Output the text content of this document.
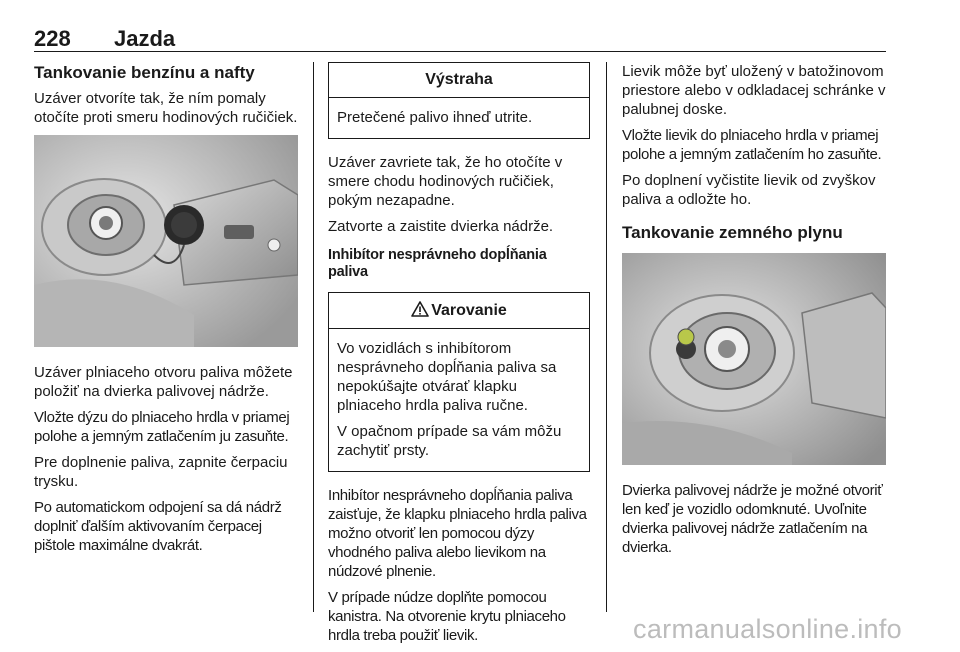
228 Jazda
Tankovanie benzínu a nafty

Uzáver otvoríte tak, že ním pomaly otočíte proti smeru hodinových ručičiek.

Uzáver plniaceho otvoru paliva môžete položiť na dvierka palivovej nádrže.

Vložte dýzu do plniaceho hrdla v priamej polohe a jemným zatlačením ju zasuňte.

Pre doplnenie paliva, zapnite čerpaciu trysku.

Po automatickom odpojení sa dá nádrž doplniť ďalším aktivovaním čerpacej pištole maximálne dvakrát.

Výstraha

Pretečené palivo ihneď utrite.

Uzáver zavriete tak, že ho otočíte v smere chodu hodinových ručičiek, pokým nezapadne.

Zatvorte a zaistite dvierka nádrže.

Inhibítor nesprávneho dopĺňania paliva
Varovanie

Vo vozidlách s inhibítorom nesprávneho dopĺňania paliva sa nepokúšajte otvárať klapku plniaceho hrdla paliva ručne.

V opačnom prípade sa vám môžu zachytiť prsty.

Inhibítor nesprávneho dopĺňania paliva zaisťuje, že klapku plniaceho hrdla paliva možno otvoriť len pomocou dýzy vhodného paliva alebo lievikom na núdzové plnenie.

V prípade núdze doplňte pomocou kanistra. Na otvorenie krytu plniaceho hrdla treba použiť lievik.

Lievik môže byť uložený v batožinovom priestore alebo v odkladacej schránke v palubnej doske.

Vložte lievik do plniaceho hrdla v priamej polohe a jemným zatlačením ho zasuňte.

Po doplnení vyčistite lievik od zvyškov paliva a odložte ho.

Tankovanie zemného plynu

Dvierka palivovej nádrže je možné otvoriť len keď je vozidlo odomknuté. Uvoľnite dvierka palivovej nádrže zatlačením na dvierka.

carmanualsonline.info
